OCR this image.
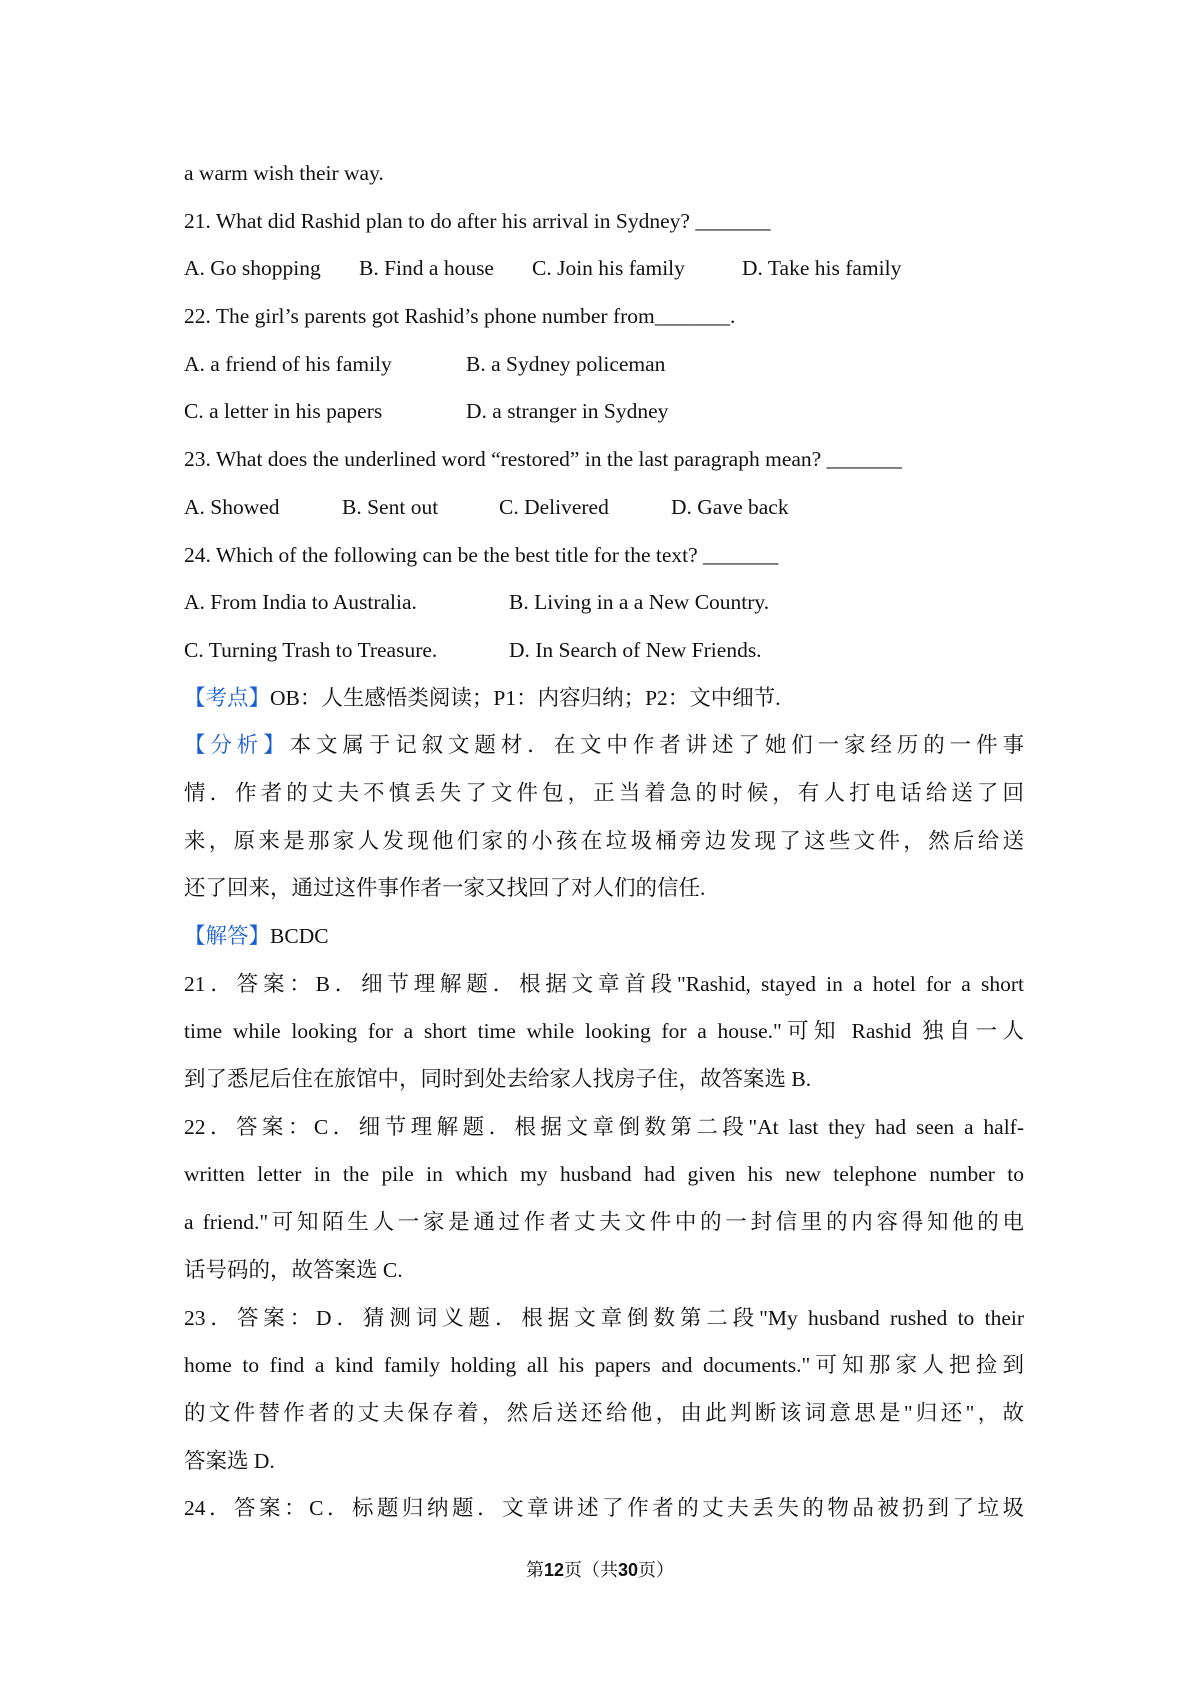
a warm wish their way.
21. What did Rashid plan to do after his arrival in Sydney? _______
A. Go shopping	B. Find a house	C. Join his family	D. Take his family
22. The girl’s parents got Rashid’s phone number from_______.
A. a friend of his family	B. a Sydney policeman
C. a letter in his papers	D. a stranger in Sydney
23. What does the underlined word “restored” in the last paragraph mean? _______
A. Showed	B. Sent out	C. Delivered	D. Gave back
24. Which of the following can be the best title for the text? _______
A. From India to Australia.	B. Living in a a New Country.
C. Turning Trash to Treasure.	D. In Search of New Friends.
【考点】OB：人生感悟类阅读；P1：内容归纳；P2：文中细节.
【分析】本文属于记叙文题材．在文中作者讲述了她们一家经历的一件事
情．作者的丈夫不慎丢失了文件包，正当着急的时候，有人打电话给送了回
来，原来是那家人发现他们家的小孩在垃圾桶旁边发现了这些文件，然后给送
还了回来，通过这件事作者一家又找回了对人们的信任.
【解答】BCDC
21．答案：B．细节理解题．根据文章首段"Rashid, stayed in a hotel for a short
time while looking for a short time while looking for a house."可知 Rashid 独自一人
到了悉尼后住在旅馆中，同时到处去给家人找房子住，故答案选 B.
22．答案：C．细节理解题．根据文章倒数第二段"At last they had seen a half-
written letter in the pile in which my husband had given his new telephone number to
a friend."可知陌生人一家是通过作者丈夫文件中的一封信里的内容得知他的电
话号码的，故答案选 C.
23．答案：D．猜测词义题．根据文章倒数第二段"My husband rushed to their
home to find a kind family holding all his papers and documents."可知那家人把捡到
的文件替作者的丈夫保存着，然后送还给他，由此判断该词意思是"归还"，故
答案选 D.
24．答案：C．标题归纳题．文章讲述了作者的丈夫丢失的物品被扔到了垃圾
第12页（共30页）
